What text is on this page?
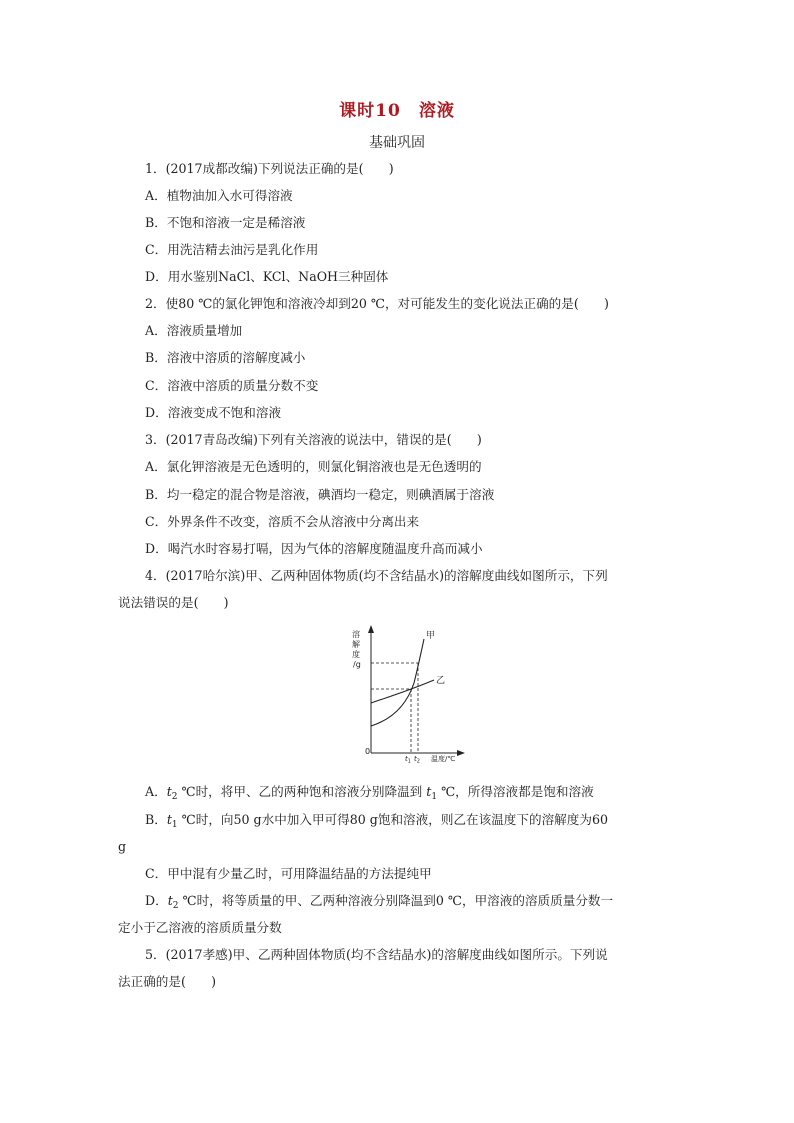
课时10　溶液
基础巩固
1．(2017成都改编)下列说法正确的是(　　)
A．植物油加入水可得溶液
B．不饱和溶液一定是稀溶液
C．用洗洁精去油污是乳化作用
D．用水鉴别NaCl、KCl、NaOH三种固体
2．使80 ℃的氯化钾饱和溶液冷却到20 ℃，对可能发生的变化说法正确的是(　　)
A．溶液质量增加
B．溶液中溶质的溶解度减小
C．溶液中溶质的质量分数不变
D．溶液变成不饱和溶液
3．(2017青岛改编)下列有关溶液的说法中，错误的是(　　)
A．氯化钾溶液是无色透明的，则氯化铜溶液也是无色透明的
B．均一稳定的混合物是溶液，碘酒均一稳定，则碘酒属于溶液
C．外界条件不改变，溶质不会从溶液中分离出来
D．喝汽水时容易打嗝，因为气体的溶解度随温度升高而减小
4．(2017哈尔滨)甲、乙两种固体物质(均不含结晶水)的溶解度曲线如图所示，下列
说法错误的是(　　)
溶
解
度
/g
甲
乙
0
$t_1$ $t_2$ 温度/℃
A．$t_2$ ℃时，将甲、乙的两种饱和溶液分别降温到 $t_1$ ℃，所得溶液都是饱和溶液
B．$t_1$ ℃时，向50 g水中加入甲可得80 g饱和溶液，则乙在该温度下的溶解度为60
g
C．甲中混有少量乙时，可用降温结晶的方法提纯甲
D．$t_2$ ℃时，将等质量的甲、乙两种溶液分别降温到0 ℃，甲溶液的溶质质量分数一
定小于乙溶液的溶质质量分数
5．(2017孝感)甲、乙两种固体物质(均不含结晶水)的溶解度曲线如图所示。下列说
法正确的是(　　)
